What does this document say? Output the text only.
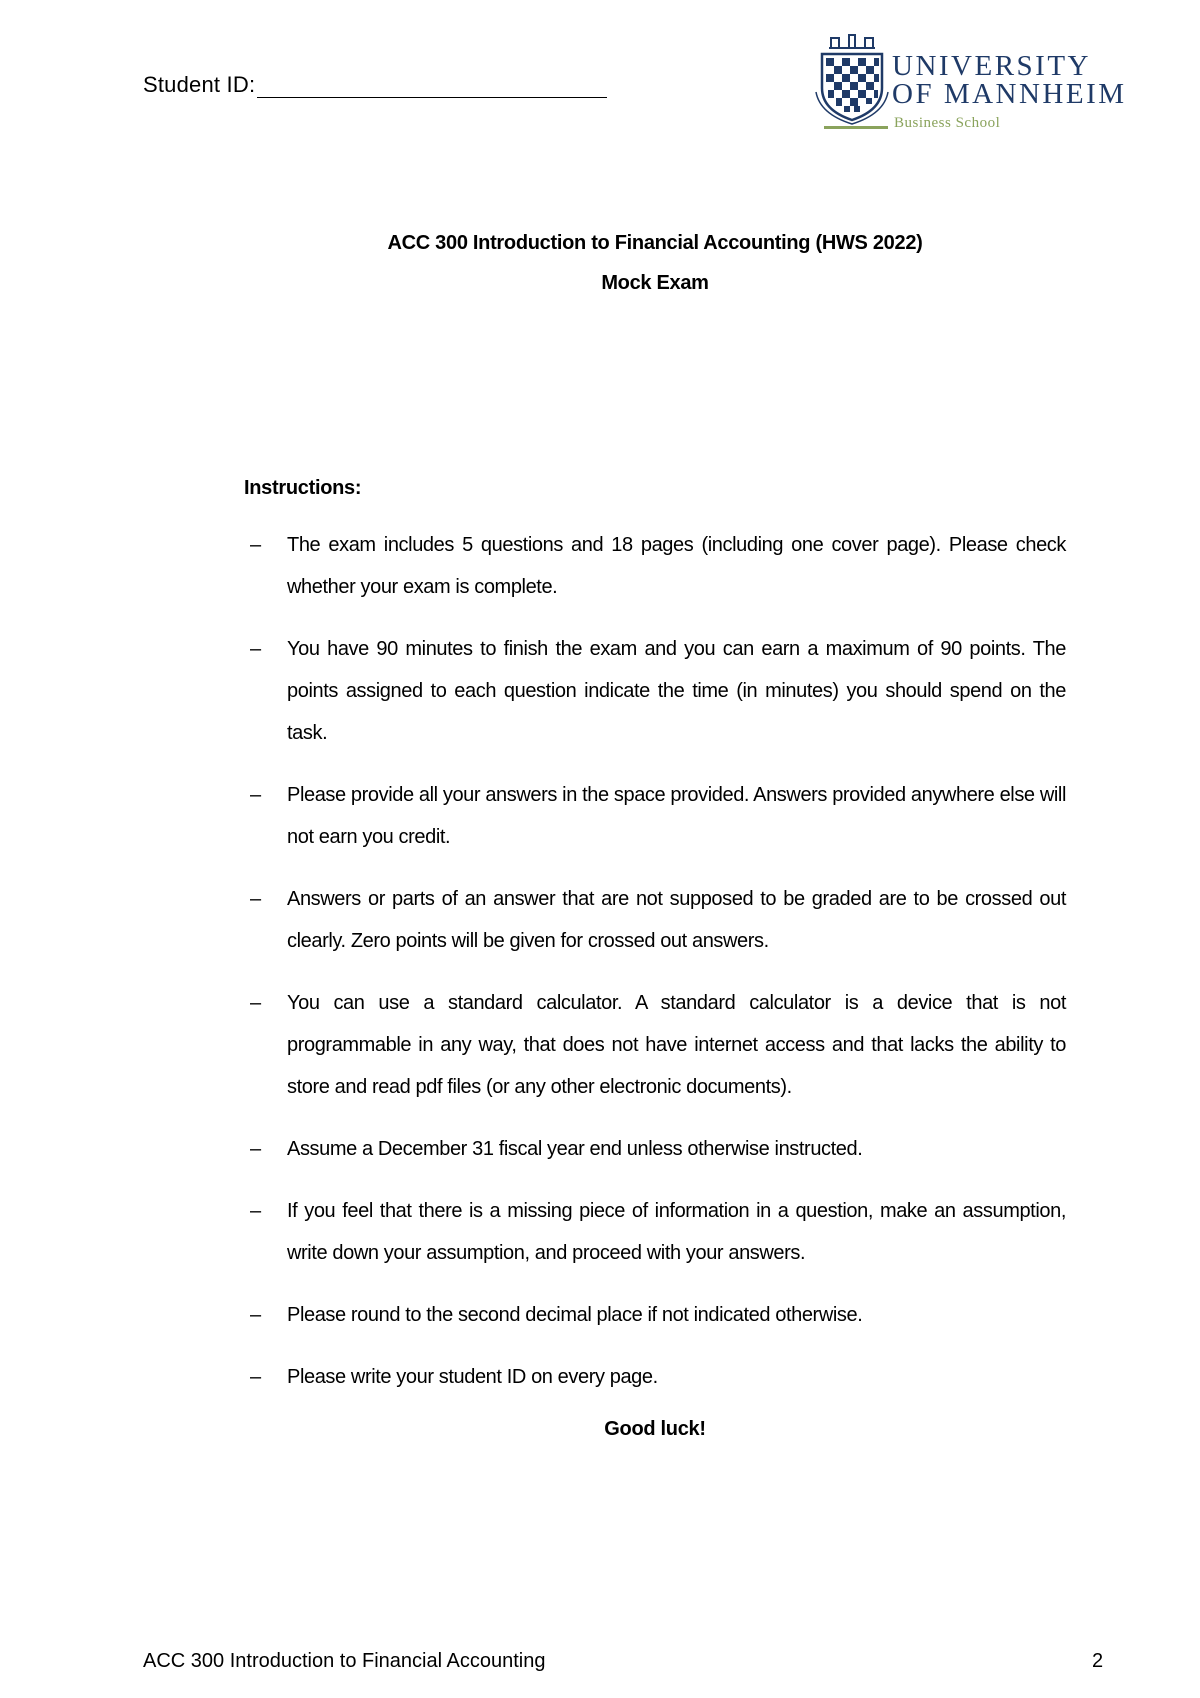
Student ID:
UNIVERSITY
OF MANNHEIM
Business School
ACC 300 Introduction to Financial Accounting (HWS 2022)
Mock Exam
Instructions:
– The exam includes 5 questions and 18 pages (including one cover page). Please check whether your exam is complete.
– You have 90 minutes to finish the exam and you can earn a maximum of 90 points. The points assigned to each question indicate the time (in minutes) you should spend on the task.
– Please provide all your answers in the space provided. Answers provided anywhere else will not earn you credit.
– Answers or parts of an answer that are not supposed to be graded are to be crossed out clearly. Zero points will be given for crossed out answers.
– You can use a standard calculator. A standard calculator is a device that is not programmable in any way, that does not have internet access and that lacks the ability to store and read pdf files (or any other electronic documents).
– Assume a December 31 fiscal year end unless otherwise instructed.
– If you feel that there is a missing piece of information in a question, make an assumption, write down your assumption, and proceed with your answers.
– Please round to the second decimal place if not indicated otherwise.
– Please write your student ID on every page.
Good luck!
ACC 300 Introduction to Financial Accounting	2
